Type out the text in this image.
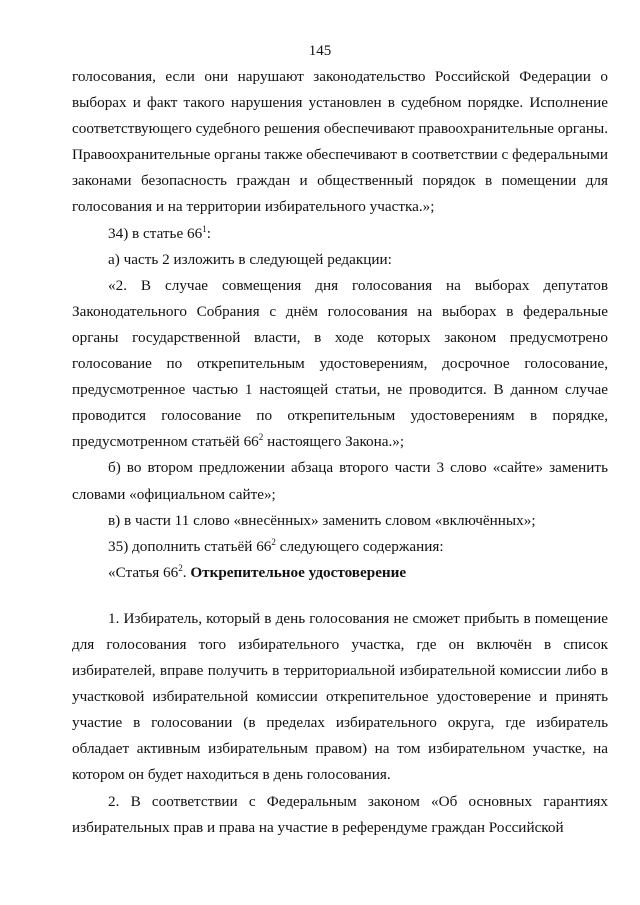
145

голосования, если они нарушают законодательство Российской Федерации о выборах и факт такого нарушения установлен в судебном порядке. Исполнение соответствующего судебного решения обеспечивают правоохранительные органы. Правоохранительные органы также обеспечивают в соответствии с федеральными законами безопасность граждан и общественный порядок в помещении для голосования и на территории избирательного участка.»;

34) в статье $66^1$:

а) часть 2 изложить в следующей редакции:

«2. В случае совмещения дня голосования на выборах депутатов Законодательного Собрания с днём голосования на выборах в федеральные органы государственной власти, в ходе которых законом предусмотрено голосование по открепительным удостоверениям, досрочное голосование, предусмотренное частью 1 настоящей статьи, не проводится. В данном случае проводится голосование по открепительным удостоверениям в порядке, предусмотренном статьёй $66^2$ настоящего Закона.»;

б) во втором предложении абзаца второго части 3 слово «сайте» заменить словами «официальном сайте»;

в) в части 11 слово «внесённых» заменить словом «включённых»;

35) дополнить статьёй $66^2$ следующего содержания:

«Статья $66^2$. Открепительное удостоверение

1. Избиратель, который в день голосования не сможет прибыть в помещение для голосования того избирательного участка, где он включён в список избирателей, вправе получить в территориальной избирательной комиссии либо в участковой избирательной комиссии открепительное удостоверение и принять участие в голосовании (в пределах избирательного округа, где избиратель обладает активным избирательным правом) на том избирательном участке, на котором он будет находиться в день голосования.

2. В соответствии с Федеральным законом «Об основных гарантиях избирательных прав и права на участие в референдуме граждан Российской
